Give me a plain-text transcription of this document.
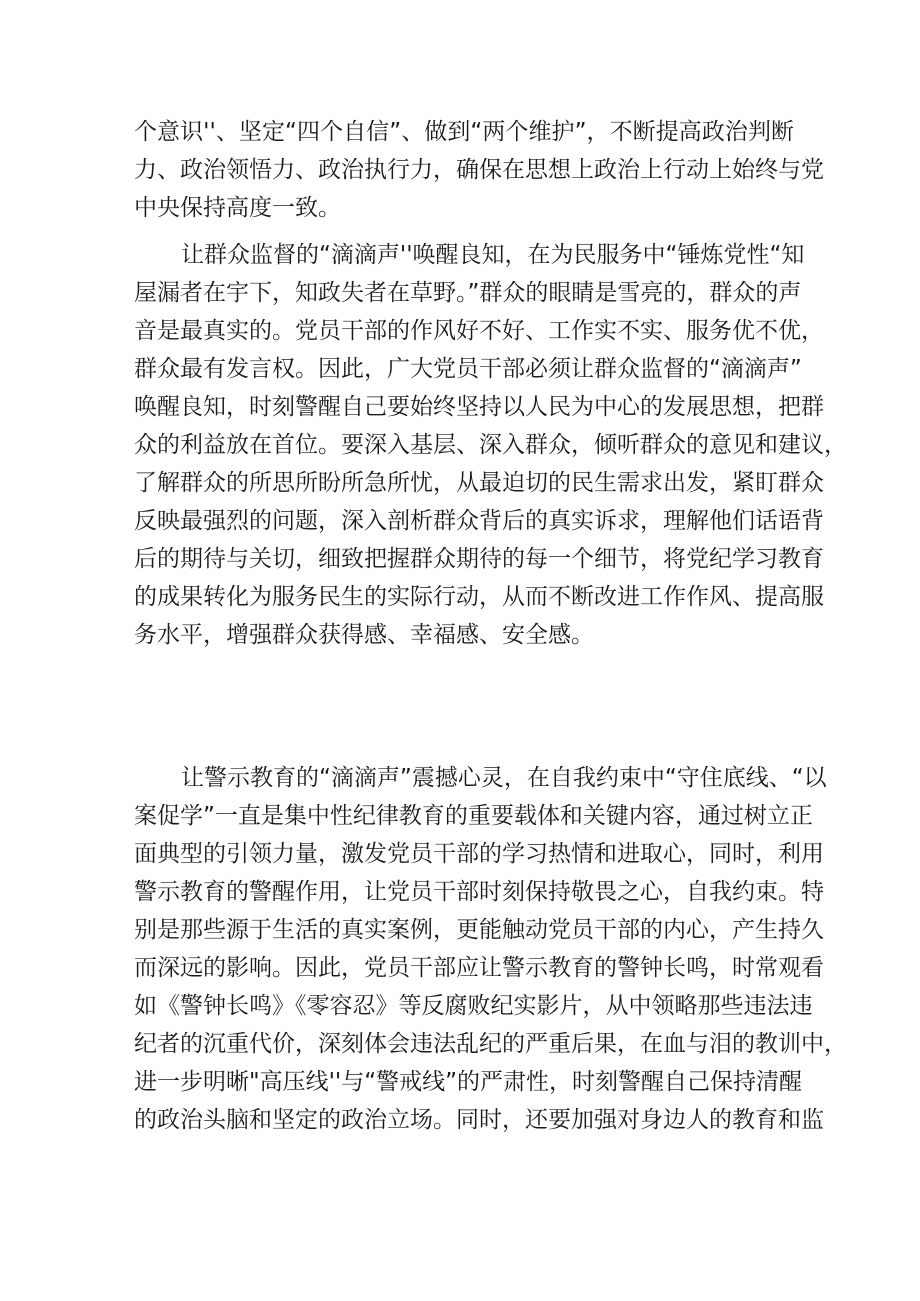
个意识''、坚定“四个自信”、做到“两个维护”，不断提高政治判断
力、政治领悟力、政治执行力，确保在思想上政治上行动上始终与党
中央保持高度一致。
让群众监督的“滴滴声''唤醒良知，在为民服务中“锤炼党性“知
屋漏者在宇下，知政失者在草野。”群众的眼睛是雪亮的，群众的声
音是最真实的。党员干部的作风好不好、工作实不实、服务优不优，
群众最有发言权。因此，广大党员干部必须让群众监督的“滴滴声”
唤醒良知，时刻警醒自己要始终坚持以人民为中心的发展思想，把群
众的利益放在首位。要深入基层、深入群众，倾听群众的意见和建议，
了解群众的所思所盼所急所忧，从最迫切的民生需求出发，紧盯群众
反映最强烈的问题，深入剖析群众背后的真实诉求，理解他们话语背
后的期待与关切，细致把握群众期待的每一个细节，将党纪学习教育
的成果转化为服务民生的实际行动，从而不断改进工作作风、提高服
务水平，增强群众获得感、幸福感、安全感。
让警示教育的“滴滴声”震撼心灵，在自我约束中“守住底线、“以
案促学”一直是集中性纪律教育的重要载体和关键内容，通过树立正
面典型的引领力量，激发党员干部的学习热情和进取心，同时，利用
警示教育的警醒作用，让党员干部时刻保持敬畏之心，自我约束。特
别是那些源于生活的真实案例，更能触动党员干部的内心，产生持久
而深远的影响。因此，党员干部应让警示教育的警钟长鸣，时常观看
如《警钟长鸣》《零容忍》等反腐败纪实影片，从中领略那些违法违
纪者的沉重代价，深刻体会违法乱纪的严重后果，在血与泪的教训中，
进一步明晰"高压线''与“警戒线”的严肃性，时刻警醒自己保持清醒
的政治头脑和坚定的政治立场。同时，还要加强对身边人的教育和监
